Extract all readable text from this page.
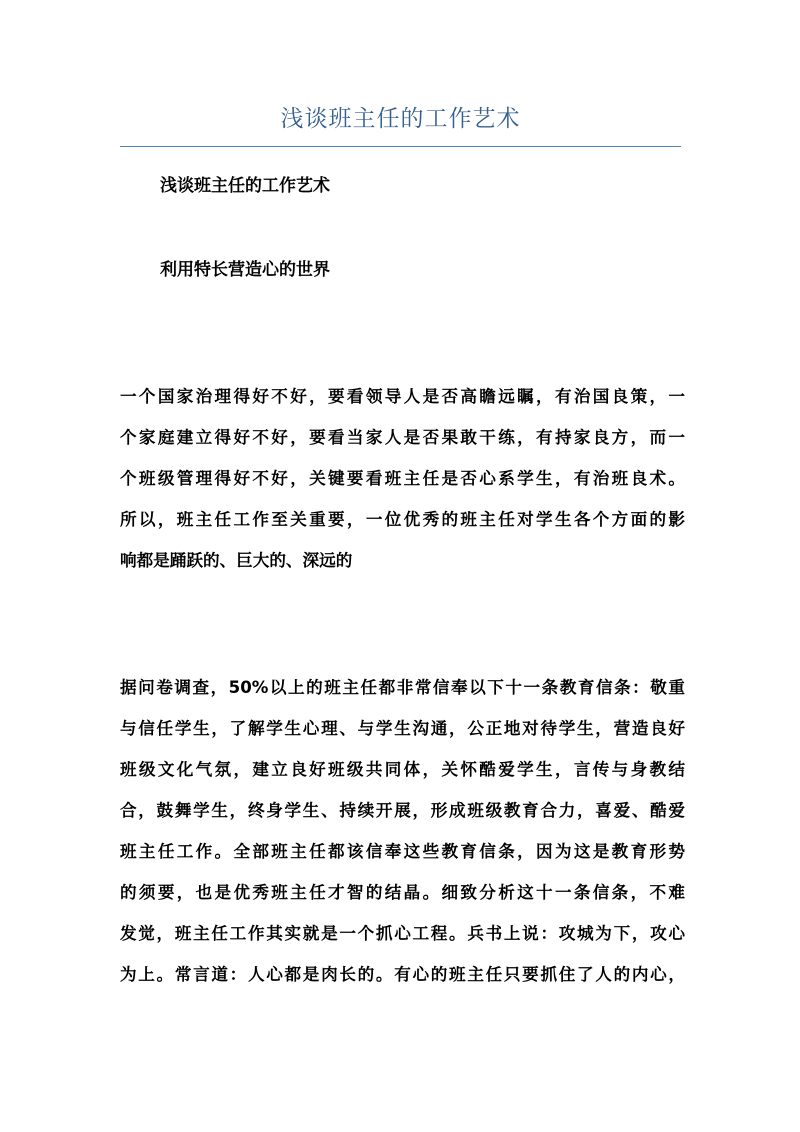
浅谈班主任的工作艺术
浅谈班主任的工作艺术
利用特长营造心的世界

一个国家治理得好不好，要看领导人是否高瞻远瞩，有治国良策，一
个家庭建立得好不好，要看当家人是否果敢干练，有持家良方，而一
个班级管理得好不好，关键要看班主任是否心系学生，有治班良术。
所以，班主任工作至关重要，一位优秀的班主任对学生各个方面的影
响都是踊跃的、巨大的、深远的

据问卷调查，50%以上的班主任都非常信奉以下十一条教育信条：敬重
与信任学生，了解学生心理、与学生沟通，公正地对待学生，营造良好
班级文化气氛，建立良好班级共同体，关怀酷爱学生，言传与身教结
合，鼓舞学生，终身学生、持续开展，形成班级教育合力，喜爱、酷爱
班主任工作。全部班主任都该信奉这些教育信条，因为这是教育形势
的须要，也是优秀班主任才智的结晶。细致分析这十一条信条，不难
发觉，班主任工作其实就是一个抓心工程。兵书上说：攻城为下，攻心
为上。常言道：人心都是肉长的。有心的班主任只要抓住了人的内心，
